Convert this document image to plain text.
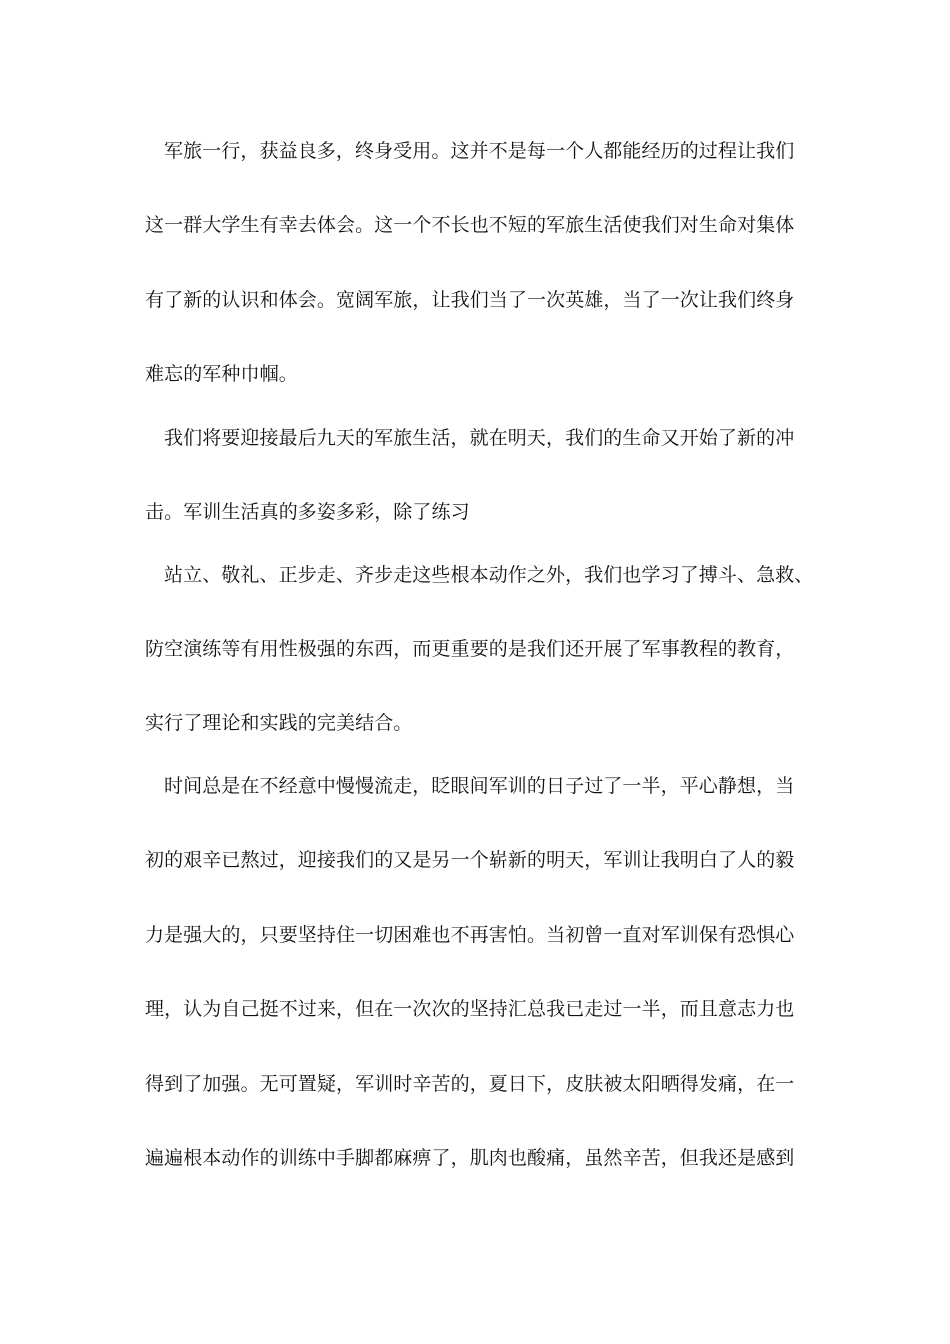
军旅一行，获益良多，终身受用。这并不是每一个人都能经历的过程让我们
这一群大学生有幸去体会。这一个不长也不短的军旅生活使我们对生命对集体
有了新的认识和体会。宽阔军旅，让我们当了一次英雄，当了一次让我们终身
难忘的军种巾帼。
我们将要迎接最后九天的军旅生活，就在明天，我们的生命又开始了新的冲
击。军训生活真的多姿多彩，除了练习
站立、敬礼、正步走、齐步走这些根本动作之外，我们也学习了搏斗、急救、
防空演练等有用性极强的东西，而更重要的是我们还开展了军事教程的教育，
实行了理论和实践的完美结合。
时间总是在不经意中慢慢流走，眨眼间军训的日子过了一半，平心静想，当
初的艰辛已熬过，迎接我们的又是另一个崭新的明天，军训让我明白了人的毅
力是强大的，只要坚持住一切困难也不再害怕。当初曾一直对军训保有恐惧心
理，认为自己挺不过来，但在一次次的坚持汇总我已走过一半，而且意志力也
得到了加强。无可置疑，军训时辛苦的，夏日下，皮肤被太阳晒得发痛，在一
遍遍根本动作的训练中手脚都麻痹了，肌肉也酸痛，虽然辛苦，但我还是感到
